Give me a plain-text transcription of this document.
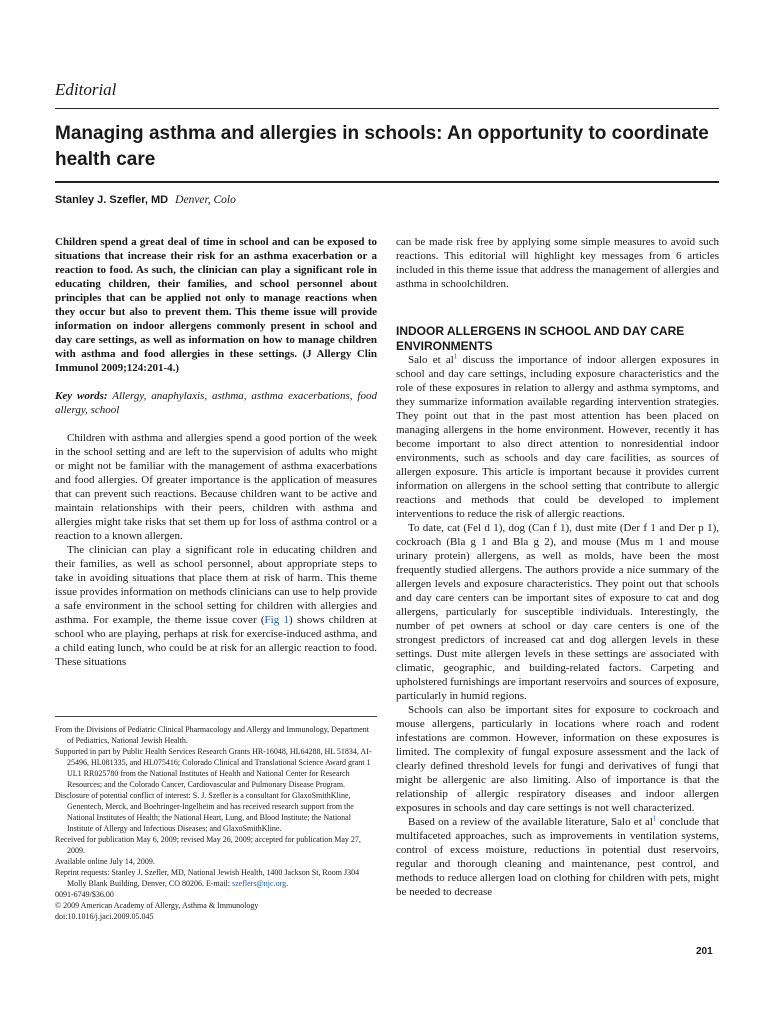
Editorial
Managing asthma and allergies in schools: An opportunity to coordinate health care
Stanley J. Szefler, MD Denver, Colo
Children spend a great deal of time in school and can be exposed to situations that increase their risk for an asthma exacerbation or a reaction to food. As such, the clinician can play a significant role in educating children, their families, and school personnel about principles that can be applied not only to manage reactions when they occur but also to prevent them. This theme issue will provide information on indoor allergens commonly present in school and day care settings, as well as information on how to manage children with asthma and food allergies in these settings. (J Allergy Clin Immunol 2009;124:201-4.)
Key words: Allergy, anaphylaxis, asthma, asthma exacerbations, food allergy, school

Children with asthma and allergies spend a good portion of the week in the school setting and are left to the supervision of adults who might or might not be familiar with the management of asthma exacerbations and food allergies. Of greater importance is the application of measures that can prevent such reactions. Because children want to be active and maintain relationships with their peers, children with asthma and allergies might take risks that set them up for loss of asthma control or a reaction to a known allergen.

The clinician can play a significant role in educating children and their families, as well as school personnel, about appropriate steps to take in avoiding situations that place them at risk of harm. This theme issue provides information on methods clinicians can use to help provide a safe environment in the school setting for children with allergies and asthma. For example, the theme issue cover (Fig 1) shows children at school who are playing, perhaps at risk for exercise-induced asthma, and a child eating lunch, who could be at risk for an allergic reaction to food. These situations

can be made risk free by applying some simple measures to avoid such reactions. This editorial will highlight key messages from 6 articles included in this theme issue that address the management of allergies and asthma in schoolchildren.
INDOOR ALLERGENS IN SCHOOL AND DAY CARE ENVIRONMENTS

Salo et $al^1$ discuss the importance of indoor allergen exposures in school and day care settings, including exposure characteristics and the role of these exposures in relation to allergy and asthma symptoms, and they summarize information available regarding intervention strategies. They point out that in the past most attention has been placed on managing allergens in the home environment. However, recently it has become important to also direct attention to nonresidential indoor environments, such as schools and day care facilities, as sources of allergen exposure. This article is important because it provides current information on allergens in the school setting that contribute to allergic reactions and methods that could be developed to implement interventions to reduce the risk of allergic reactions.

To date, cat (Fel d 1), dog (Can f 1), dust mite (Der f 1 and Der p 1), cockroach (Bla g 1 and Bla g 2), and mouse (Mus m 1 and mouse urinary protein) allergens, as well as molds, have been the most frequently studied allergens. The authors provide a nice summary of the allergen levels and exposure characteristics. They point out that schools and day care centers can be important sites of exposure to cat and dog allergens, particularly for susceptible individuals. Interestingly, the number of pet owners at school or day care centers is one of the strongest predictors of increased cat and dog allergen levels in these settings. Dust mite allergen levels in these settings are associated with climatic, geographic, and building-related factors. Carpeting and upholstered furnishings are important reservoirs and sources of exposure, particularly in humid regions.

Schools can also be important sites for exposure to cockroach and mouse allergens, particularly in locations where roach and rodent infestations are common. However, information on these exposures is limited. The complexity of fungal exposure assessment and the lack of clearly defined threshold levels for fungi and derivatives of fungi that might be allergenic are also limiting. Also of importance is that the relationship of allergic respiratory diseases and indoor allergen exposures in schools and day care settings is not well characterized.

Based on a review of the available literature, Salo et $al^1$ conclude that multifaceted approaches, such as improvements in ventilation systems, control of excess moisture, reductions in potential dust reservoirs, regular and thorough cleaning and maintenance, pest control, and methods to reduce allergen load on clothing for children with pets, might be needed to decrease

From the Divisions of Pediatric Clinical Pharmacology and Allergy and Immunology, Department of Pediatrics, National Jewish Health.

Supported in part by Public Health Services Research Grants HR-16048, HL64288, HL 51834, AI-25496, HL081335, and HL075416; Colorado Clinical and Translational Science Award grant 1 UL1 RR025780 from the National Institutes of Health and National Center for Research Resources; and the Colorado Cancer, Cardiovascular and Pulmonary Disease Program.

Disclosure of potential conflict of interest: S. J. Szefler is a consultant for GlaxoSmithKline, Genentech, Merck, and Boehringer-Ingelheim and has received research support from the National Institutes of Health; the National Heart, Lung, and Blood Institute; the National Institute of Allergy and Infectious Diseases; and GlaxoSmithKline.

Received for publication May 6, 2009; revised May 26, 2009; accepted for publication May 27, 2009.

Available online July 14, 2009.

Reprint requests: Stanley J. Szefler, MD, National Jewish Health, 1400 Jackson St, Room J304 Molly Blank Building, Denver, CO 80206. E-mail: szeflers@njc.org.

0091-6749/$36.00

© 2009 American Academy of Allergy, Asthma & Immunology

doi:10.1016/j.jaci.2009.05.045

201
